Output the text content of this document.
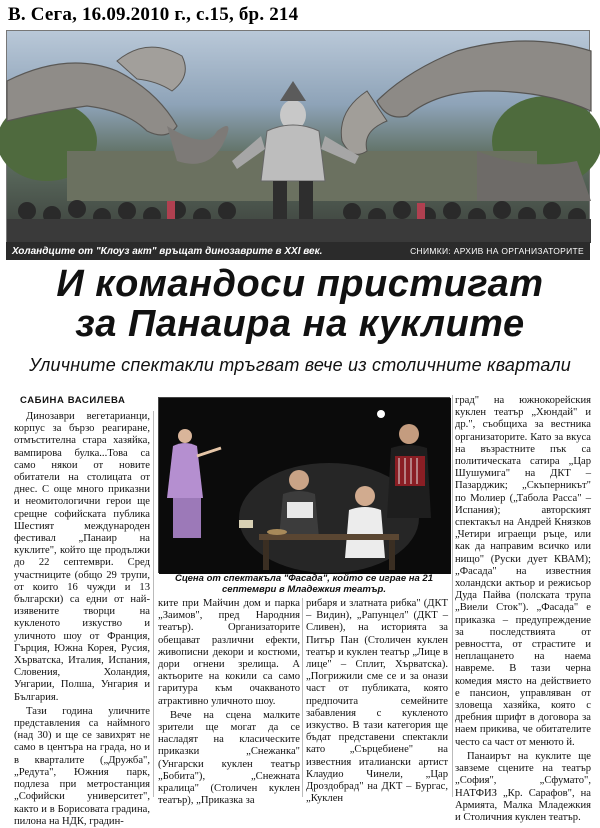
В. Сега, 16.09.2010 г., с.15, бр. 214
Холандците от "Клоуз акт" връщат динозаврите в XXI век.	СНИМКИ: АРХИВ НА ОРГАНИЗАТОРИТЕ
И командоси пристигат
за Панаира на куклите
Уличните спектакли тръгват вече из столичните квартали
САБИНА ВАСИЛЕВА

Динозаври вегетарианци, корпус за бързо реагиране, отмъстителна стара хазяйка, вампирова булка...Това са само някои от новите обитатели на столицата от днес. С още много приказни и неомитологични герои ще срещне софийската публика Шестият международен фестивал „Панаир на куклите", който ще продължи до 22 септември. Сред участниците (общо 29 трупи, от които 16 чужди и 13 български) са едни от най-изявените творци на кукленото изкуство и уличното шоу от Франция, Гърция, Южна Корея, Русия, Хърватска, Италия, Испания, Словения, Холандия, Унгарии, Полша, Унгария и България.

Тази година уличните представления са наймного (над 30) и ще се завихрят не само в центъра на града, но и в кварталите („Дружба", „Редута", Южния парк, подлеза при метростанция „Софийски университет", както и в Борисовата градина, пилона на НДК, градин-

Сцена от спектакъла "Фасада", който се играе на 21 септември в Младежкия театър.

ките при Майчин дом и парка „Заимов", пред Народния театър). Организаторите обещават различни ефекти, живописни декори и костюми, дори огнени зрелища. А актьорите на кокили са само гаритура към очакваното атрактивно уличното шоу.

Вече на сцена малките зрители ще могат да се насладят на класическите приказки „Снежанка" (Унгарски куклен театър „Бобита"), „Снежната кралица" (Столичен куклен театър), „Приказка за

рибаря и златната рибка" (ДКТ – Видин), „Рапунцел" (ДКТ – Сливен), на историята за Питър Пан (Столичен куклен театър и куклен театър „Лице в лице" – Сплит, Хърватска). „Погрижили сме се и за онази част от публиката, която предпочита семейните забавления с кукленото изкуство. В тази категория ще бъдат представени спектакли като „Сърцебиене" на известния италиански артист Клаудио Чинели, „Цар Дроздобрад" на ДКТ – Бургас, „Куклен

град" на южнокорейския куклен театър „Хюндай" и др.", съобщиха за вестника организаторите. Като за вкуса на възрастните пък са политическата сатира „Цар Шушумига" на ДКТ – Пазарджик; „Скъперникът" по Молиер („Табола Расса" – Испания); авторският спектакъл на Андрей Князков „Четири играещи ръце, или как да направим всичко или нищо" (Руски дует КВАМ); „Фасада" на известния холандски актьор и режисьор Дуда Пайва (полската трупа „Виели Сток"). „Фасада" е приказка – предупреждение за последствията от ревността, от страстите и неплащането на наема навреме. В тази черна комедия място на действието е пансион, управляван от зловеща хазяйка, която с дребния шрифт в договора за наем прикива, че обитателите често са част от менюто й.

Панаирът на куклите ще завземе сцените на театър „София", „Сфумато", НАТФИЗ „Кр. Сарафов", на Армията, Малка Младежкия и Столичния куклен театър.
